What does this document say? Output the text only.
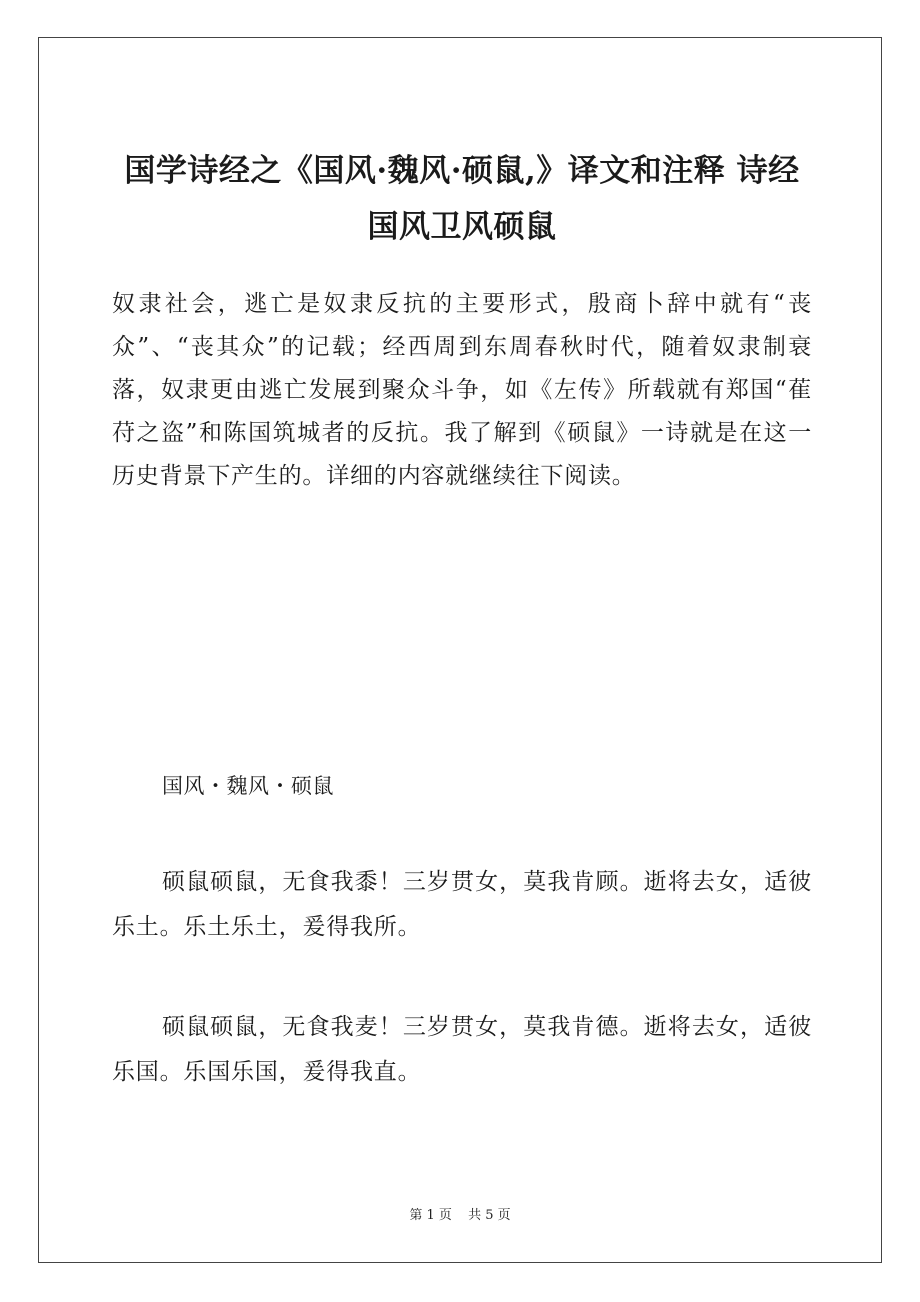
国学诗经之《国风·魏风·硕鼠,》译文和注释 诗经国风卫风硕鼠

奴隶社会，逃亡是奴隶反抗的主要形式，殷商卜辞中就有“丧众”、“丧其众”的记载；经西周到东周春秋时代，随着奴隶制衰落，奴隶更由逃亡发展到聚众斗争，如《左传》所载就有郑国“萑苻之盗”和陈国筑城者的反抗。我了解到《硕鼠》一诗就是在这一历史背景下产生的。详细的内容就继续往下阅读。

国风・魏风・硕鼠

硕鼠硕鼠，无食我黍！三岁贯女，莫我肯顾。逝将去女，适彼乐土。乐土乐土，爰得我所。

硕鼠硕鼠，无食我麦！三岁贯女，莫我肯德。逝将去女，适彼乐国。乐国乐国，爰得我直。

第 1 页 共 5 页
